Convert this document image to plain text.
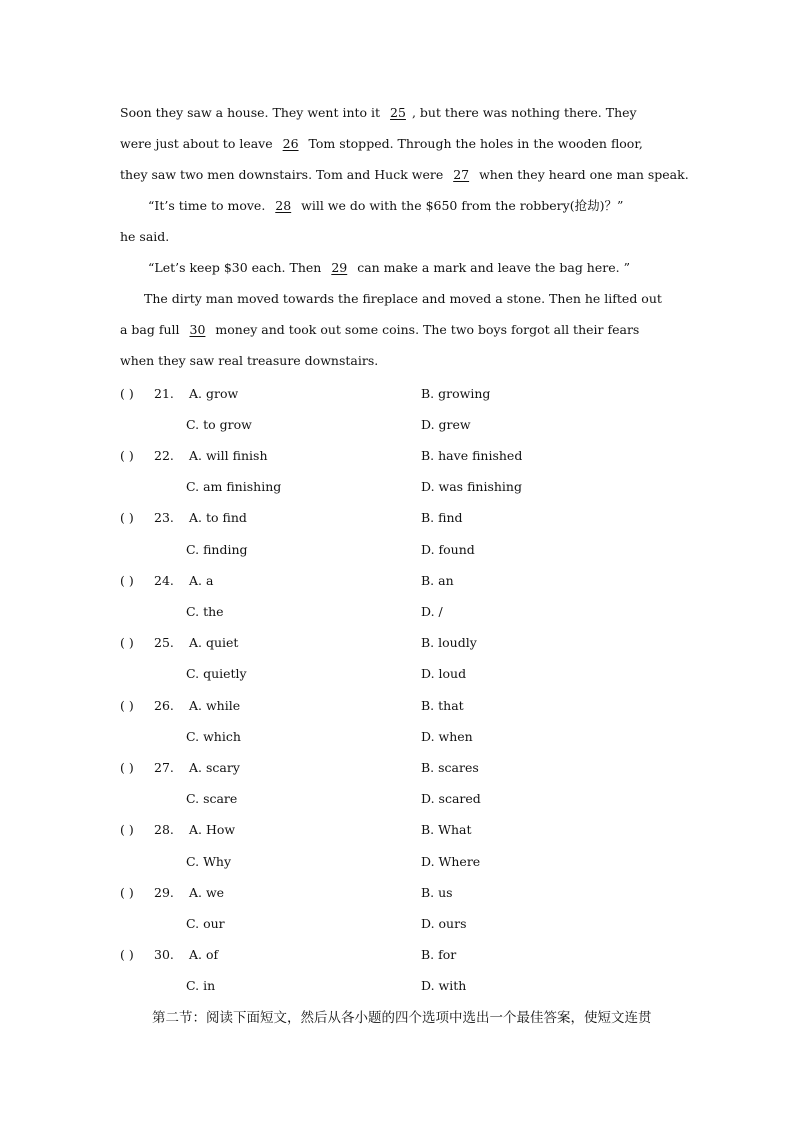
Soon they saw a house. They went into it 25 , but there was nothing there. They
were just about to leave 26 Tom stopped. Through the holes in the wooden floor,
they saw two men downstairs. Tom and Huck were 27 when they heard one man speak.
“It’s time to move. 28 will we do with the $650 from the robbery(抢劫)？”
he said.
“Let’s keep $30 each. Then 29 can make a mark and leave the bag here. ”
The dirty man moved towards the fireplace and moved a stone. Then he lifted out
a bag full 30 money and took out some coins. The two boys forgot all their fears
when they saw real treasure downstairs.
( ) 21. A. grow	B. growing
C. to grow	D. grew
( ) 22. A. will finish	B. have finished
C. am finishing	D. was finishing
( ) 23. A. to find	B. find
C. finding	D. found
( ) 24. A. a	B. an
C. the	D. /
( ) 25. A. quiet	B. loudly
C. quietly	D. loud
( ) 26. A. while	B. that
C. which	D. when
( ) 27. A. scary	B. scares
C. scare	D. scared
( ) 28. A. How	B. What
C. Why	D. Where
( ) 29. A. we	B. us
C. our	D. ours
( ) 30. A. of	B. for
C. in	D. with
第二节：阅读下面短文，然后从各小题的四个选项中选出一个最佳答案，使短文连贯
